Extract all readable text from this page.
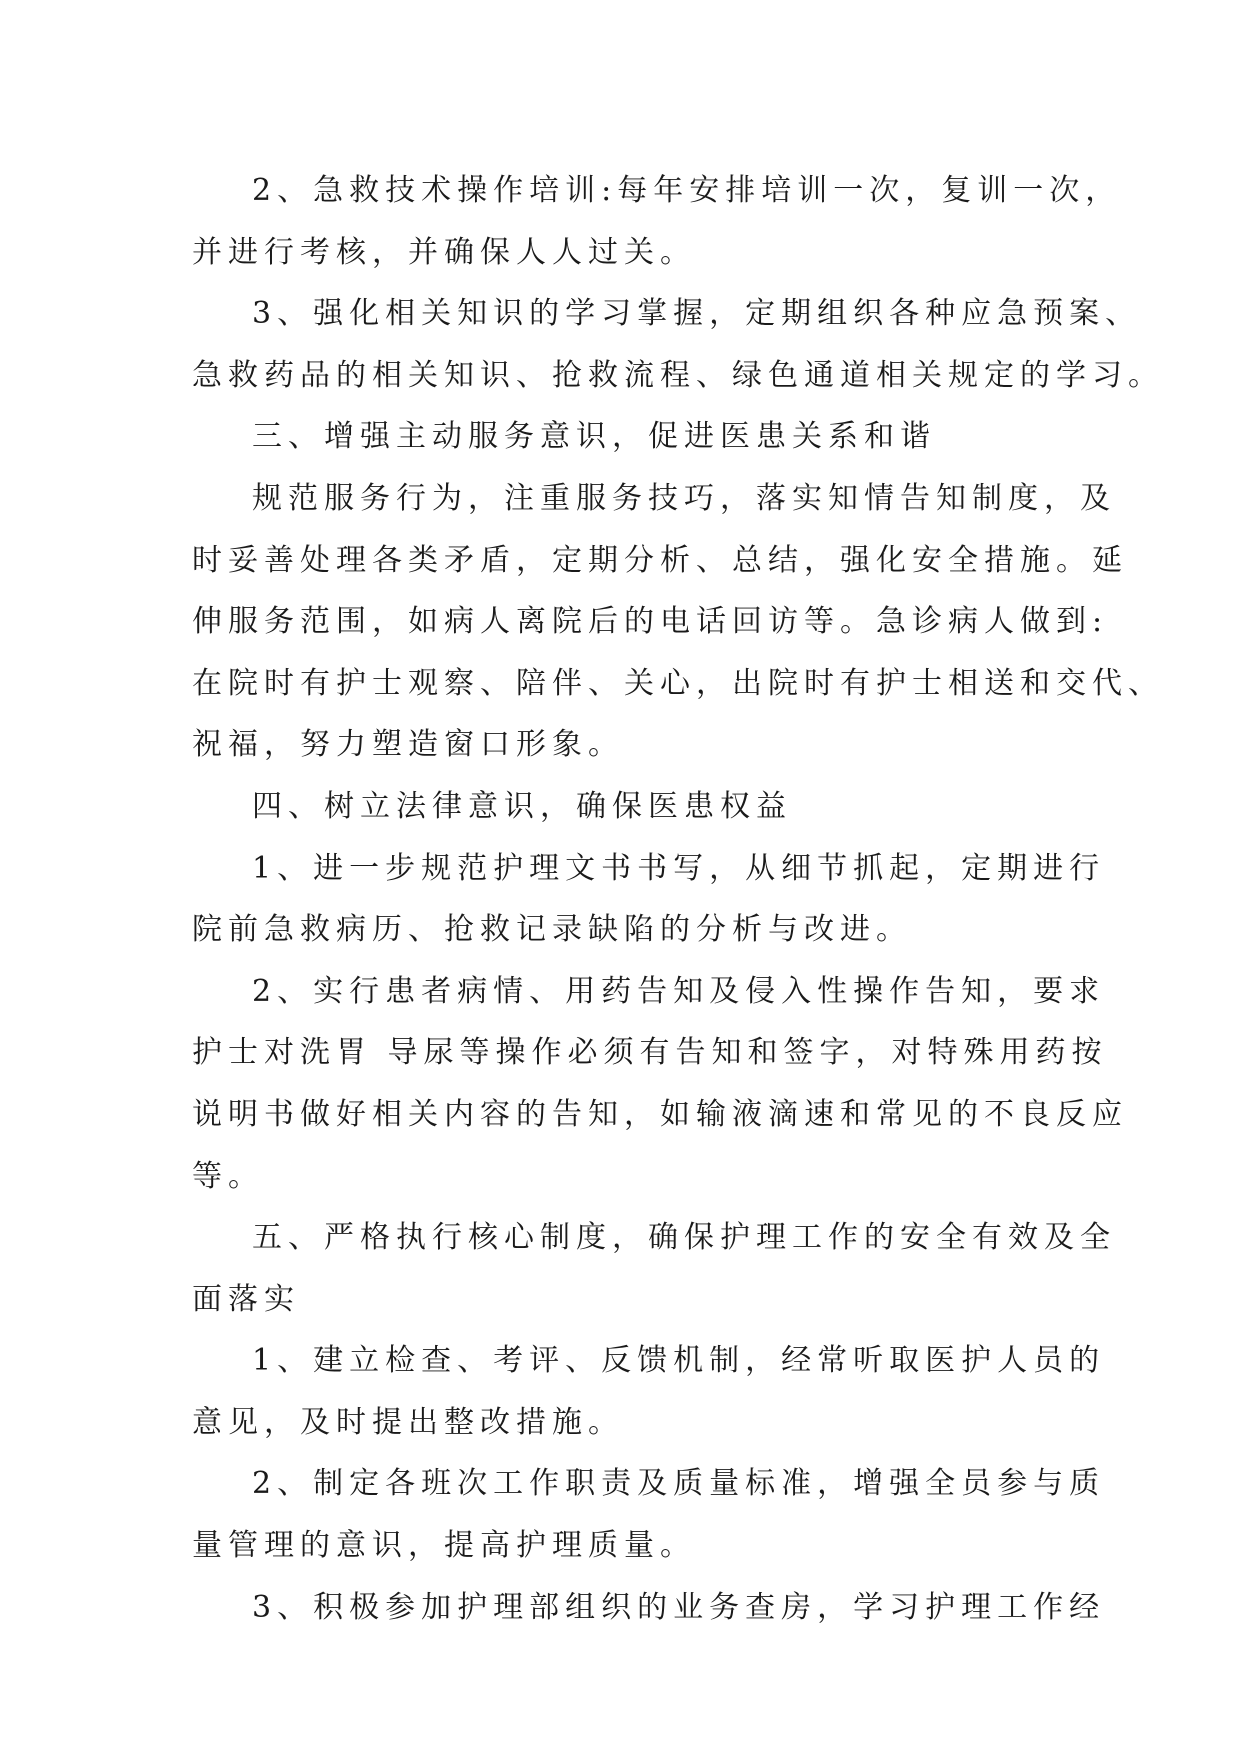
2、急救技术操作培训:每年安排培训一次，复训一次，
并进行考核，并确保人人过关。

3、强化相关知识的学习掌握，定期组织各种应急预案、
急救药品的相关知识、抢救流程、绿色通道相关规定的学习。

三、增强主动服务意识，促进医患关系和谐

规范服务行为，注重服务技巧，落实知情告知制度，及
时妥善处理各类矛盾，定期分析、总结，强化安全措施。延
伸服务范围，如病人离院后的电话回访等。急诊病人做到:
在院时有护士观察、陪伴、关心，出院时有护士相送和交代、
祝福，努力塑造窗口形象。

四、树立法律意识，确保医患权益

1、进一步规范护理文书书写，从细节抓起，定期进行
院前急救病历、抢救记录缺陷的分析与改进。

2、实行患者病情、用药告知及侵入性操作告知，要求
护士对洗胃 导尿等操作必须有告知和签字，对特殊用药按
说明书做好相关内容的告知，如输液滴速和常见的不良反应
等。

五、严格执行核心制度，确保护理工作的安全有效及全
面落实

1、建立检查、考评、反馈机制，经常听取医护人员的
意见，及时提出整改措施。

2、制定各班次工作职责及质量标准，增强全员参与质
量管理的意识，提高护理质量。

3、积极参加护理部组织的业务查房，学习护理工作经
